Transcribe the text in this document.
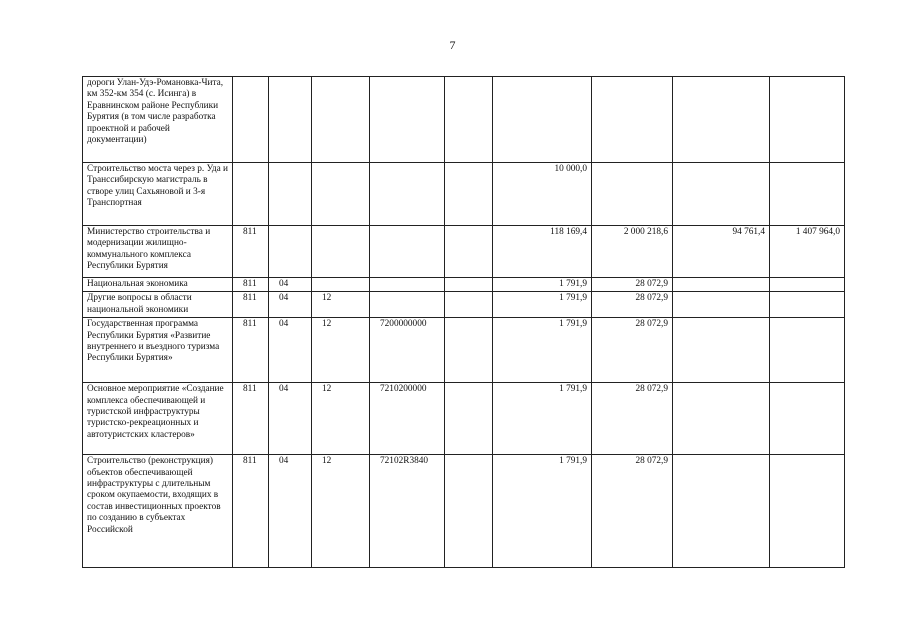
7
дороги Улан-Удэ-Романовка-Чита, км 352-км 354 (с. Исинга) в Еравнинском районе Республики Бурятия (в том числе разработка проектной и рабочей документации)									
Строительство моста через р. Уда и Транссибирскую магистраль в створе улиц Сахьяновой и 3-я Транспортная						10 000,0			
Министерство строительства и модернизации жилищно-коммунального комплекса Республики Бурятия	811					118 169,4	2 000 218,6	94 761,4	1 407 964,0
Национальная экономика	811	04				1 791,9	28 072,9		
Другие вопросы в области национальной экономики	811	04	12			1 791,9	28 072,9		
Государственная программа Республики Бурятия «Развитие внутреннего и въездного туризма Республики Бурятия»	811	04	12	7200000000		1 791,9	28 072,9		
Основное мероприятие «Создание комплекса обеспечивающей и туристской инфраструктуры туристско-рекреационных и автотуристских кластеров»	811	04	12	7210200000		1 791,9	28 072,9		
Строительство (реконструкция) объектов обеспечивающей инфраструктуры с длительным сроком окупаемости, входящих в состав инвестиционных проектов по созданию в субъектах Российской	811	04	12	72102R3840		1 791,9	28 072,9		
